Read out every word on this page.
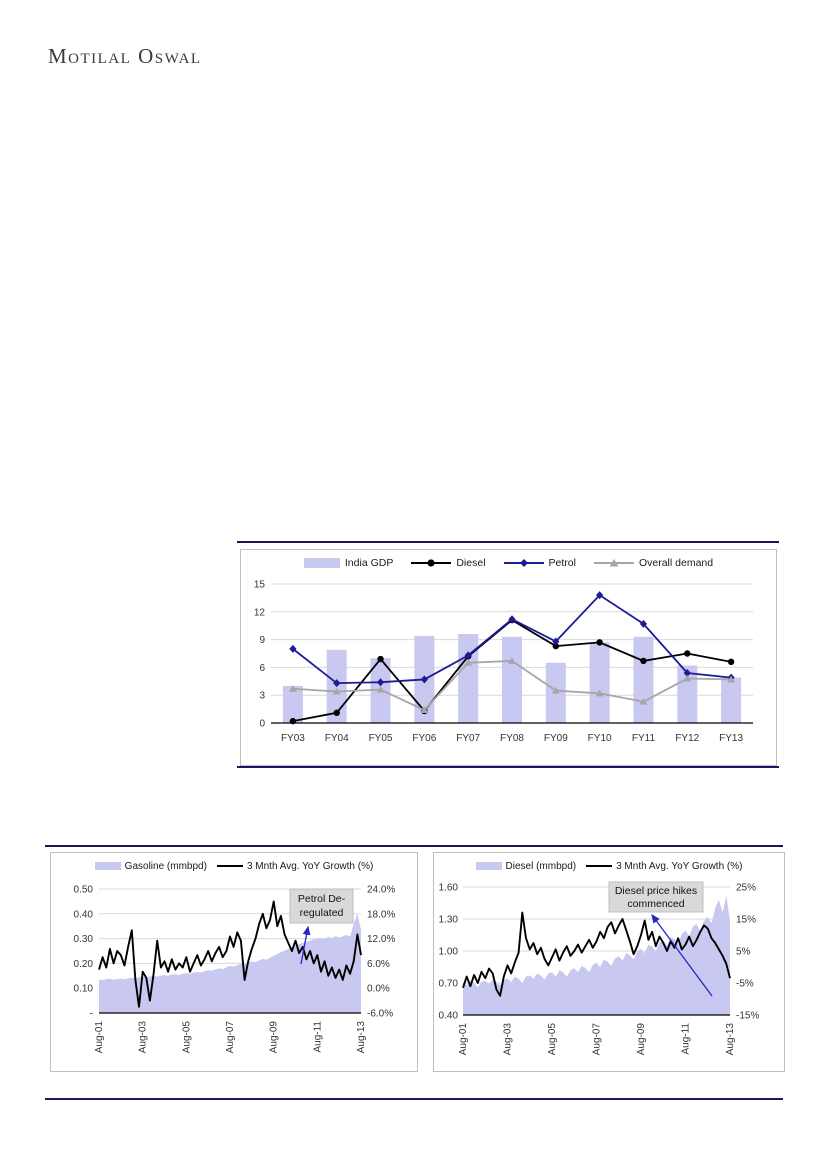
Motilal Oswal
India GDP	Diesel	Petrol	Overall demand
0
3
6
9
12
15
FY03 FY04 FY05 FY06 FY07 FY08 FY09 FY10 FY11 FY12 FY13
Gasoline (mmbpd)	3 Mnth Avg. YoY Growth (%)
0.50	24.0%
0.40	18.0%
0.30	12.0%
0.20	6.0%
0.10	0.0%
-	-6.0%
Aug-01	Aug-03	Aug-05	Aug-07	Aug-09	Aug-11	Aug-13
Petrol De-
regulated
Diesel (mmbpd)	3 Mnth Avg. YoY Growth (%)
1.60	25%
1.30	15%
1.00	5%
0.70	-5%
0.40	-15%
Aug-01	Aug-03	Aug-05	Aug-07	Aug-09	Aug-11	Aug-13
Diesel price hikes
commenced
